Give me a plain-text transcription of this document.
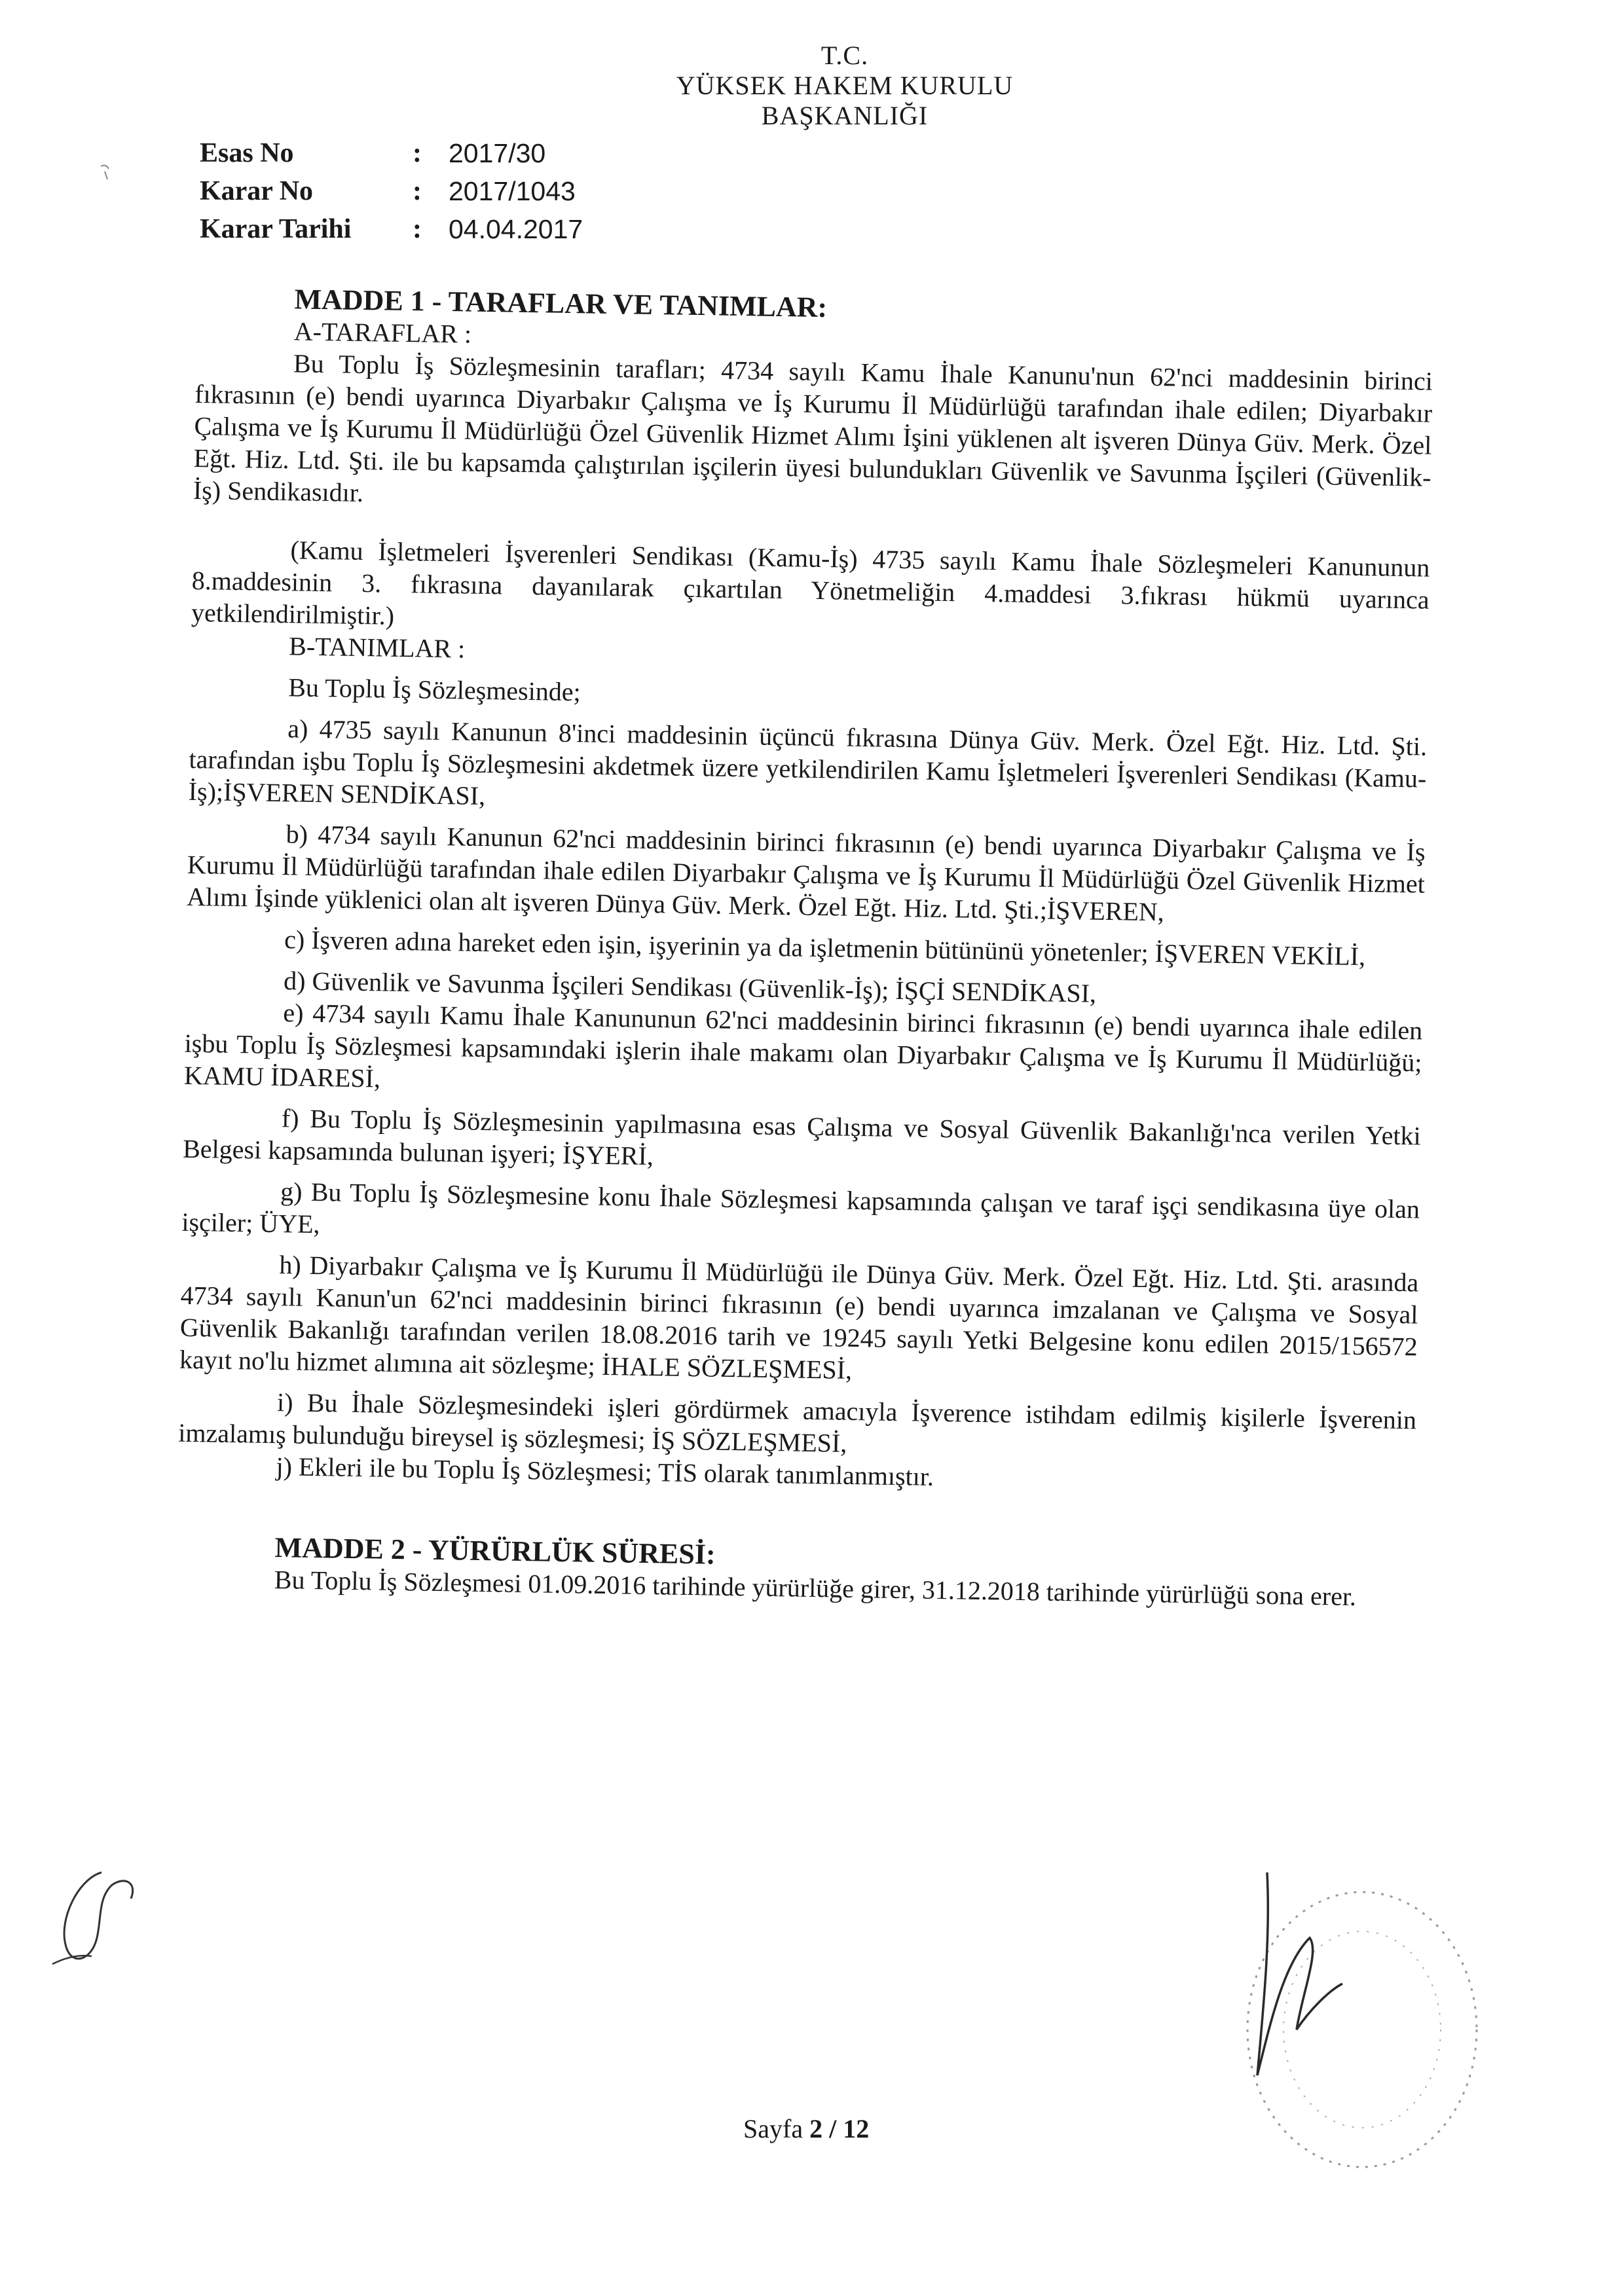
T.C.
YÜKSEK HAKEM KURULU
BAŞKANLIĞI
Esas No	:	2017/30
Karar No	:	2017/1043
Karar Tarihi	:	04.04.2017

MADDE 1 - TARAFLAR VE TANIMLAR:

A-TARAFLAR :

Bu Toplu İş Sözleşmesinin tarafları; 4734 sayılı Kamu İhale Kanunu'nun 62'nci maddesinin birinci fıkrasının (e) bendi uyarınca Diyarbakır Çalışma ve İş Kurumu İl Müdürlüğü tarafından ihale edilen; Diyarbakır Çalışma ve İş Kurumu İl Müdürlüğü Özel Güvenlik Hizmet Alımı İşini yüklenen alt işveren Dünya Güv. Merk. Özel Eğt. Hiz. Ltd. Şti. ile bu kapsamda çalıştırılan işçilerin üyesi bulundukları Güvenlik ve Savunma İşçileri (Güvenlik-İş) Sendikasıdır.

(Kamu İşletmeleri İşverenleri Sendikası (Kamu-İş) 4735 sayılı Kamu İhale Sözleşmeleri Kanununun 8.maddesinin 3. fıkrasına dayanılarak çıkartılan Yönetmeliğin 4.maddesi 3.fıkrası hükmü uyarınca yetkilendirilmiştir.)

B-TANIMLAR :

Bu Toplu İş Sözleşmesinde;

a) 4735 sayılı Kanunun 8'inci maddesinin üçüncü fıkrasına Dünya Güv. Merk. Özel Eğt. Hiz. Ltd. Şti. tarafından işbu Toplu İş Sözleşmesini akdetmek üzere yetkilendirilen Kamu İşletmeleri İşverenleri Sendikası (Kamu-İş);İŞVEREN SENDİKASI,

b) 4734 sayılı Kanunun 62'nci maddesinin birinci fıkrasının (e) bendi uyarınca Diyarbakır Çalışma ve İş Kurumu İl Müdürlüğü tarafından ihale edilen Diyarbakır Çalışma ve İş Kurumu İl Müdürlüğü Özel Güvenlik Hizmet Alımı İşinde yüklenici olan alt işveren Dünya Güv. Merk. Özel Eğt. Hiz. Ltd. Şti.;İŞVEREN,

c) İşveren adına hareket eden işin, işyerinin ya da işletmenin bütününü yönetenler; İŞVEREN VEKİLİ,

d) Güvenlik ve Savunma İşçileri Sendikası (Güvenlik-İş); İŞÇİ SENDİKASI,

e) 4734 sayılı Kamu İhale Kanununun 62'nci maddesinin birinci fıkrasının (e) bendi uyarınca ihale edilen işbu Toplu İş Sözleşmesi kapsamındaki işlerin ihale makamı olan Diyarbakır Çalışma ve İş Kurumu İl Müdürlüğü; KAMU İDARESİ,

f) Bu Toplu İş Sözleşmesinin yapılmasına esas Çalışma ve Sosyal Güvenlik Bakanlığı'nca verilen Yetki Belgesi kapsamında bulunan işyeri; İŞYERİ,

g) Bu Toplu İş Sözleşmesine konu İhale Sözleşmesi kapsamında çalışan ve taraf işçi sendikasına üye olan işçiler; ÜYE,

h) Diyarbakır Çalışma ve İş Kurumu İl Müdürlüğü ile Dünya Güv. Merk. Özel Eğt. Hiz. Ltd. Şti. arasında 4734 sayılı Kanun'un 62'nci maddesinin birinci fıkrasının (e) bendi uyarınca imzalanan ve Çalışma ve Sosyal Güvenlik Bakanlığı tarafından verilen 18.08.2016 tarih ve 19245 sayılı Yetki Belgesine konu edilen 2015/156572 kayıt no'lu hizmet alımına ait sözleşme; İHALE SÖZLEŞMESİ,

i) Bu İhale Sözleşmesindeki işleri gördürmek amacıyla İşverence istihdam edilmiş kişilerle İşverenin imzalamış bulunduğu bireysel iş sözleşmesi; İŞ SÖZLEŞMESİ,

j) Ekleri ile bu Toplu İş Sözleşmesi; TİS olarak tanımlanmıştır.

MADDE 2 - YÜRÜRLÜK SÜRESİ:

Bu Toplu İş Sözleşmesi 01.09.2016 tarihinde yürürlüğe girer, 31.12.2018 tarihinde yürürlüğü sona erer.

Sayfa 2 / 12
